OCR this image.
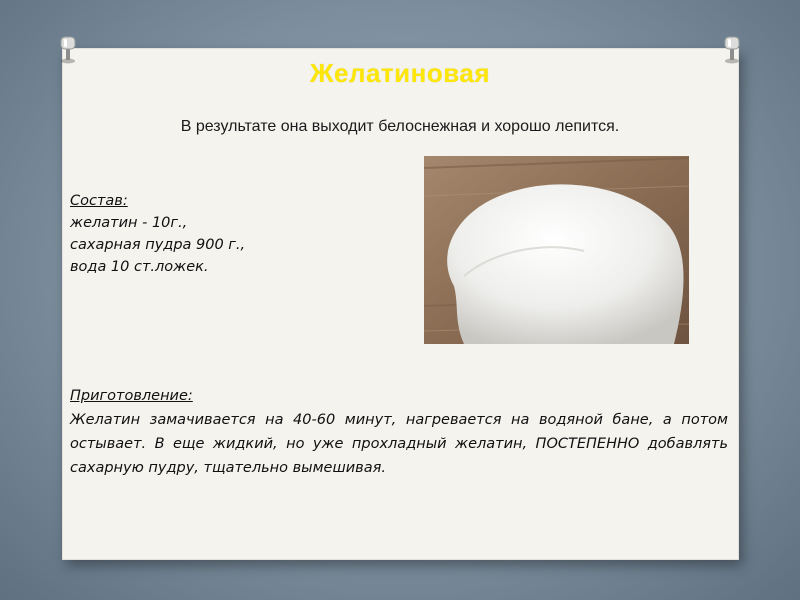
Желатиновая
В результате она выходит белоснежная и хорошо лепится.
Состав:
желатин - 10г.,
сахарная пудра 900 г.,
вода 10 ст.ложек.
Приготовление:

Желатин замачивается на 40-60 минут, нагревается на водяной бане, а потом остывает. В еще жидкий, но уже прохладный желатин, ПОСТЕПЕННО добавлять сахарную пудру, тщательно вымешивая.
